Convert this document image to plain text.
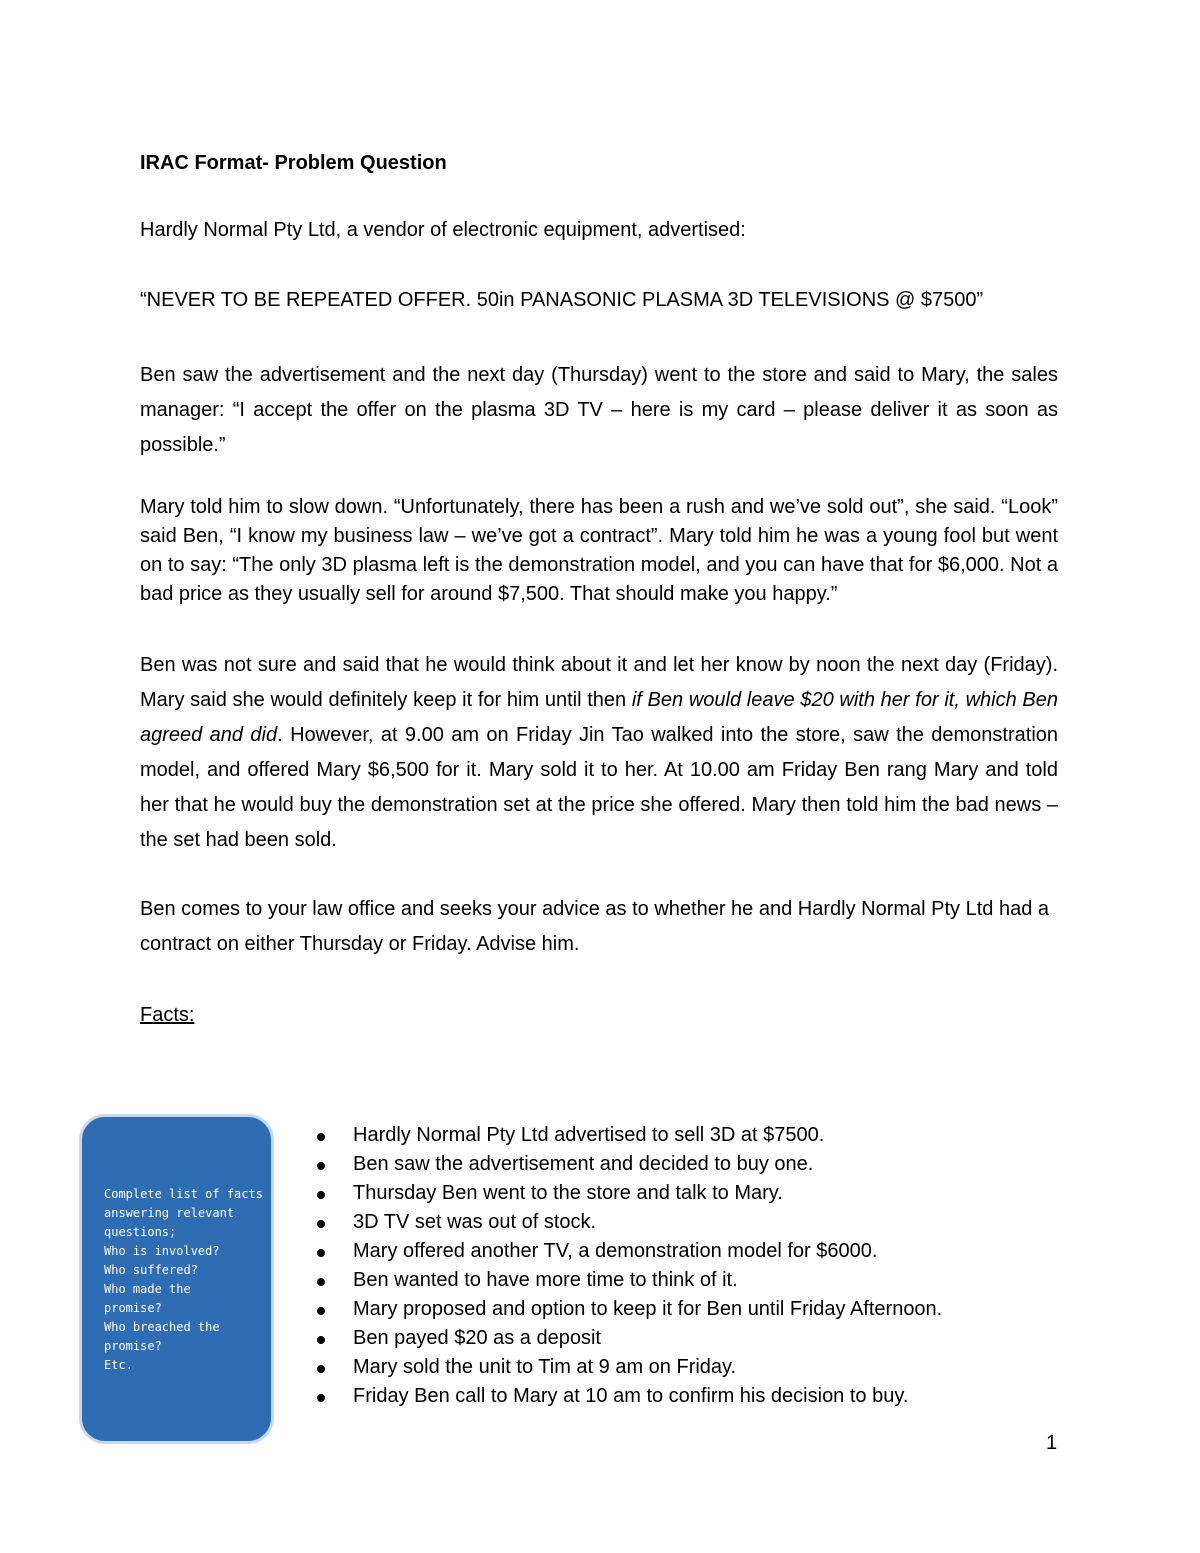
IRAC Format- Problem Question

Hardly Normal Pty Ltd, a vendor of electronic equipment, advertised:

“NEVER TO BE REPEATED OFFER. 50in PANASONIC PLASMA 3D TELEVISIONS @ $7500”

Ben saw the advertisement and the next day (Thursday) went to the store and said to Mary, the sales manager: “I accept the offer on the plasma 3D TV – here is my card – please deliver it as soon as possible.”

Mary told him to slow down. “Unfortunately, there has been a rush and we’ve sold out”, she said. “Look” said Ben, “I know my business law – we’ve got a contract”. Mary told him he was a young fool but went on to say: “The only 3D plasma left is the demonstration model, and you can have that for $6,000. Not a bad price as they usually sell for around $7,500. That should make you happy.”

Ben was not sure and said that he would think about it and let her know by noon the next day (Friday). Mary said she would definitely keep it for him until then if Ben would leave $20 with her for it, which Ben agreed and did. However, at 9.00 am on Friday Jin Tao walked into the store, saw the demonstration model, and offered Mary $6,500 for it. Mary sold it to her. At 10.00 am Friday Ben rang Mary and told her that he would buy the demonstration set at the price she offered. Mary then told him the bad news – the set had been sold.

Ben comes to your law office and seeks your advice as to whether he and Hardly Normal Pty Ltd had a contract on either Thursday or Friday. Advise him.

Facts:
Complete list of facts
answering relevant
questions;
Who is involved?
Who suffered?
Who made the
promise?
Who breached the
promise?
Etc.
Hardly Normal Pty Ltd advertised to sell 3D at $7500.
Ben saw the advertisement and decided to buy one.
Thursday Ben went to the store and talk to Mary.
3D TV set was out of stock.
Mary offered another TV, a demonstration model for $6000.
Ben wanted to have more time to think of it.
Mary proposed and option to keep it for Ben until Friday Afternoon.
Ben payed $20 as a deposit
Mary sold the unit to Tim at 9 am on Friday.
Friday Ben call to Mary at 10 am to confirm his decision to buy.
1
